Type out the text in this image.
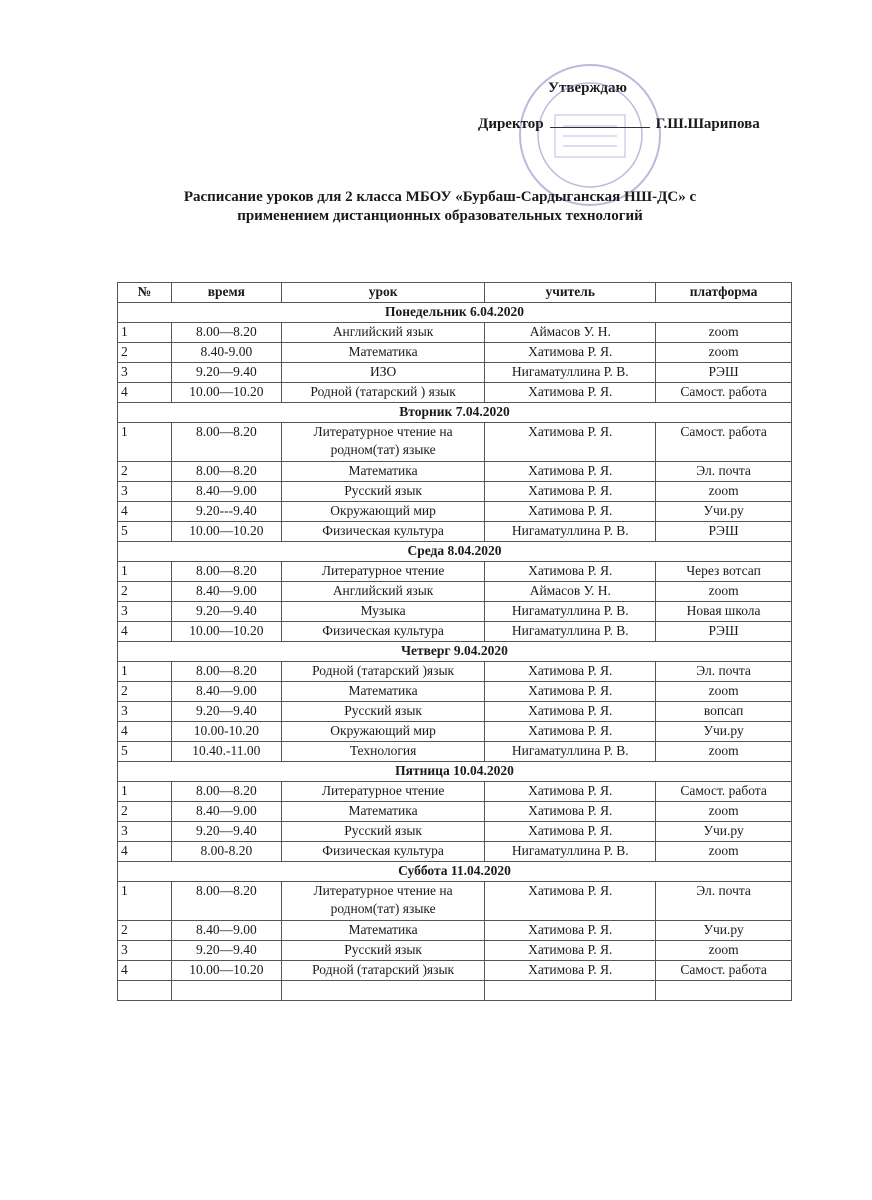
Утверждаю
Директор	Г.Ш.Шарипова
Расписание уроков для 2 класса МБОУ «Бурбаш-Сардыганская НШ-ДС» с
применением дистанционных образовательных технологий
№	время	урок	учитель	платформа
Понедельник 6.04.2020				
1	8.00—8.20	Английский язык	Аймасов У. Н.	zoom
2	8.40-9.00	Математика	Хатимова Р. Я.	zoom
3	9.20—9.40	ИЗО	Нигаматуллина Р. В.	РЭШ
4	10.00—10.20	Родной (татарский ) язык	Хатимова Р. Я.	Самост. работа
Вторник 7.04.2020				
1	8.00—8.20	Литературное чтение на родном(тат) языке	Хатимова Р. Я.	Самост. работа
2	8.00—8.20	Математика	Хатимова Р. Я.	Эл. почта
3	8.40—9.00	Русский язык	Хатимова Р. Я.	zoom
4	9.20---9.40	Окружающий мир	Хатимова Р. Я.	Учи.ру
5	10.00—10.20	Физическая культура	Нигаматуллина Р. В.	РЭШ
Среда 8.04.2020				
1	8.00—8.20	Литературное чтение	Хатимова Р. Я.	Через вотсап
2	8.40—9.00	Английский язык	Аймасов У. Н.	zoom
3	9.20—9.40	Музыка	Нигаматуллина Р. В.	Новая школа
4	10.00—10.20	Физическая культура	Нигаматуллина Р. В.	РЭШ
Четверг 9.04.2020				
1	8.00—8.20	Родной (татарский )язык	Хатимова Р. Я.	Эл. почта
2	8.40—9.00	Математика	Хатимова Р. Я.	zoom
3	9.20—9.40	Русский язык	Хатимова Р. Я.	вопсап
4	10.00-10.20	Окружающий мир	Хатимова Р. Я.	Учи.ру
5	10.40.-11.00	Технология	Нигаматуллина Р. В.	zoom
Пятница 10.04.2020				
1	8.00—8.20	Литературное чтение	Хатимова Р. Я.	Самост. работа
2	8.40—9.00	Математика	Хатимова Р. Я.	zoom
3	9.20—9.40	Русский язык	Хатимова Р. Я.	Учи.ру
4	8.00-8.20	Физическая культура	Нигаматуллина Р. В.	zoom
Суббота 11.04.2020				
1	8.00—8.20	Литературное чтение на родном(тат) языке	Хатимова Р. Я.	Эл. почта
2	8.40—9.00	Математика	Хатимова Р. Я.	Учи.ру
3	9.20—9.40	Русский язык	Хатимова Р. Я.	zoom
4	10.00—10.20	Родной (татарский )язык	Хатимова Р. Я.	Самост. работа
